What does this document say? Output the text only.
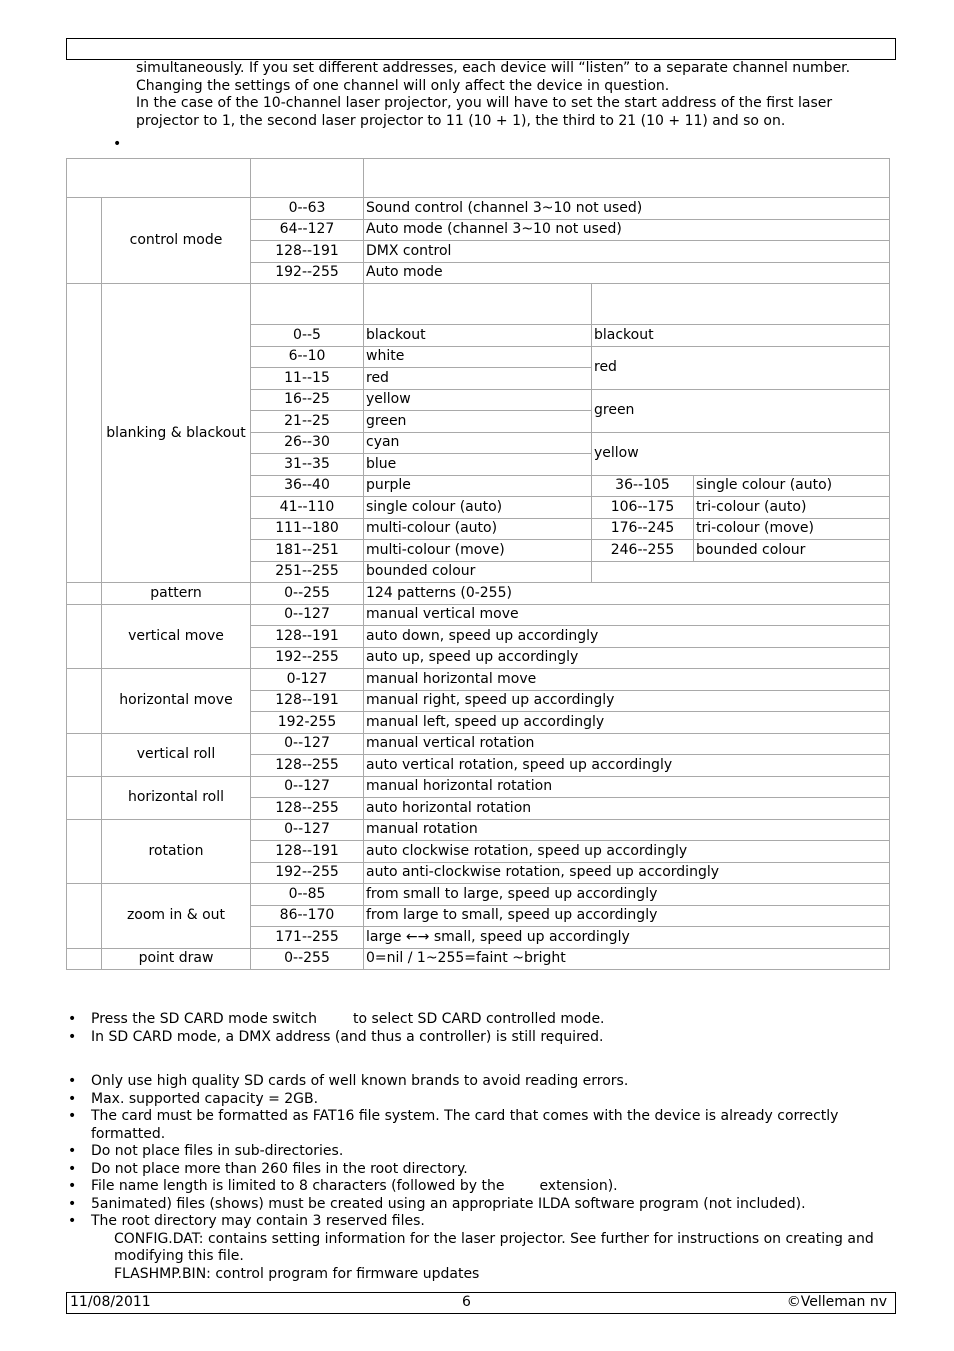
simultaneously. If you set different addresses, each device will “listen” to a separate channel number. Changing the settings of one channel will only affect the device in question.

In the case of the 10-channel laser projector, you will have to set the start address of the first laser projector to 1, the second laser projector to 11 (10 + 1), the third to 21 (10 + 11) and so on.

•

	control mode	0--63	Sound control (channel 3~10 not used)		
		64--127	Auto mode (channel 3~10 not used)		
		128--191	DMX control		
		192--255	Auto mode		
	blanking & blackout				
		0--5	blackout	blackout	
		6--10	white	red	
		11--15	red		
		16--25	yellow	green	
		21--25	green		
		26--30	cyan	yellow	
		31--35	blue		
		36--40	purple	36--105	single colour (auto)
		41--110	single colour (auto)	106--175	tri-colour (auto)
		111--180	multi-colour (auto)	176--245	tri-colour (move)
		181--251	multi-colour (move)	246--255	bounded colour
		251--255	bounded colour		
	pattern	0--255	124 patterns (0-255)		
	vertical move	0--127	manual vertical move		
		128--191	auto down, speed up accordingly		
		192--255	auto up, speed up accordingly		
	horizontal move	0-127	manual horizontal move		
		128--191	manual right, speed up accordingly		
		192-255	manual left, speed up accordingly		
	vertical roll	0--127	manual vertical rotation		
		128--255	auto vertical rotation, speed up accordingly		
	horizontal roll	0--127	manual horizontal rotation		
		128--255	auto horizontal rotation		
	rotation	0--127	manual rotation		
		128--191	auto clockwise rotation, speed up accordingly		
		192--255	auto anti-clockwise rotation, speed up accordingly		
	zoom in & out	0--85	from small to large, speed up accordingly		
		86--170	from large to small, speed up accordingly		
		171--255	large ←→ small, speed up accordingly		
	point draw	0--255	0=nil / 1~255=faint ~bright		
• Press the SD CARD mode switch	to select SD CARD controlled mode.
• In SD CARD mode, a DMX address (and thus a controller) is still required.
• Only use high quality SD cards of well known brands to avoid reading errors.
• Max. supported capacity = 2GB.
• The card must be formatted as FAT16 file system. The card that comes with the device is already correctly formatted.
• Do not place files in sub-directories.
• Do not place more than 260 files in the root directory.
• File name length is limited to 8 characters (followed by the	extension).
• 5animated) files (shows) must be created using an appropriate ILDA software program (not included).
• The root directory may contain 3 reserved files.
CONFIG.DAT: contains setting information for the laser projector. See further for instructions on creating and modifying this file.
FLASHMP.BIN: control program for firmware updates
11/08/2011	6	©Velleman nv
